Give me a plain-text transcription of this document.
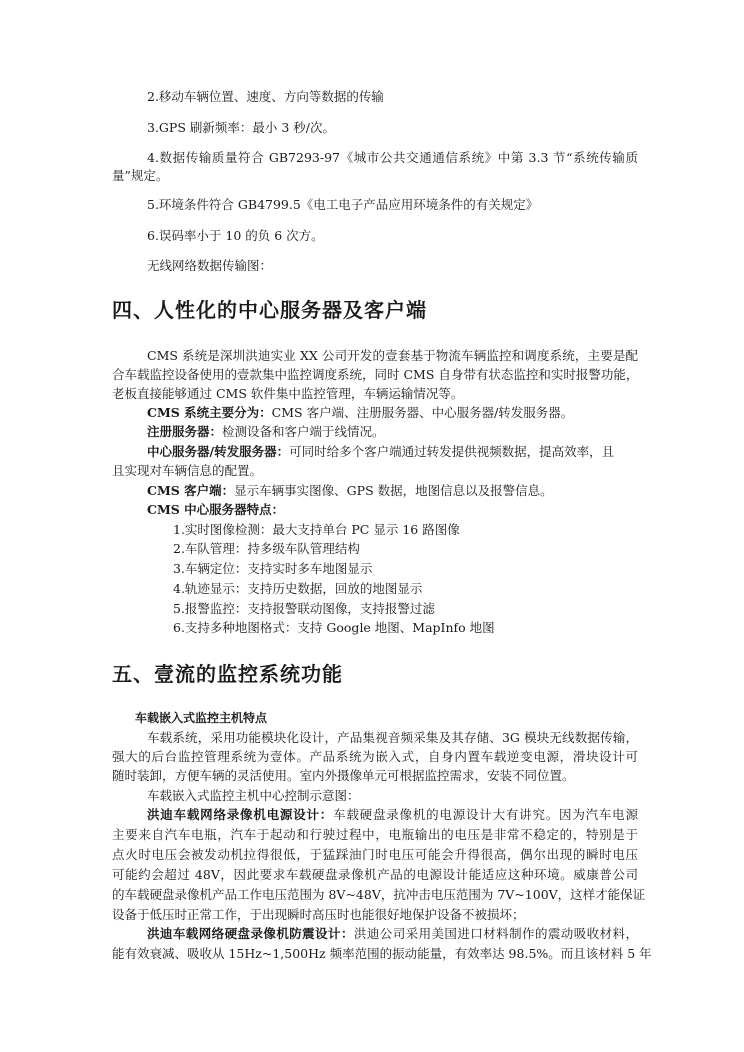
2.移动车辆位置、速度、方向等数据的传输
3.GPS 刷新频率：最小 3 秒/次。
4.数据传输质量符合 GB7293-97《城市公共交通通信系统》中第 3.3 节“系统传输质
量”规定。
5.环境条件符合 GB4799.5《电工电子产品应用环境条件的有关规定》
6.误码率小于 10 的负 6 次方。
无线网络数据传输图：
四、人性化的中心服务器及客户端
CMS 系统是深圳洪迪实业 XX 公司开发的壹套基于物流车辆监控和调度系统，主要是配
合车载监控设备使用的壹款集中监控调度系统，同时 CMS 自身带有状态监控和实时报警功能，
老板直接能够通过 CMS 软件集中监控管理，车辆运输情况等。
CMS 系统主要分为：CMS 客户端、注册服务器、中心服务器/转发服务器。
注册服务器：检测设备和客户端于线情况。
中心服务器/转发服务器：可同时给多个客户端通过转发提供视频数据，提高效率，且
且实现对车辆信息的配置。
CMS 客户端：显示车辆事实图像、GPS 数据，地图信息以及报警信息。
CMS 中心服务器特点：
1.实时图像检测：最大支持单台 PC 显示 16 路图像
2.车队管理：持多级车队管理结构
3.车辆定位：支持实时多车地图显示
4.轨迹显示：支持历史数据，回放的地图显示
5.报警监控：支持报警联动图像，支持报警过滤
6.支持多种地图格式：支持 Google 地图、MapInfo 地图
五、壹流的监控系统功能
车载嵌入式监控主机特点
车载系统，采用功能模块化设计，产品集视音频采集及其存储、3G 模块无线数据传输，
强大的后台监控管理系统为壹体。产品系统为嵌入式，自身内置车载逆变电源，滑块设计可
随时装卸，方便车辆的灵活使用。室内外摄像单元可根据监控需求，安装不同位置。
车载嵌入式监控主机中心控制示意图：
洪迪车载网络录像机电源设计：车载硬盘录像机的电源设计大有讲究。因为汽车电源
主要来自汽车电瓶，汽车于起动和行驶过程中，电瓶输出的电压是非常不稳定的，特别是于
点火时电压会被发动机拉得很低，于猛踩油门时电压可能会升得很高，偶尔出现的瞬时电压
可能约会超过 48V，因此要求车载硬盘录像机产品的电源设计能适应这种环境。威康普公司
的车载硬盘录像机产品工作电压范围为 8V~48V，抗冲击电压范围为 7V~100V，这样才能保证
设备于低压时正常工作，于出现瞬时高压时也能很好地保护设备不被损坏；
洪迪车载网络硬盘录像机防震设计：洪迪公司采用美国进口材料制作的震动吸收材料，
能有效衰减、吸收从 15Hz~1,500Hz 频率范围的振动能量，有效率达 98.5%。而且该材料 5 年
